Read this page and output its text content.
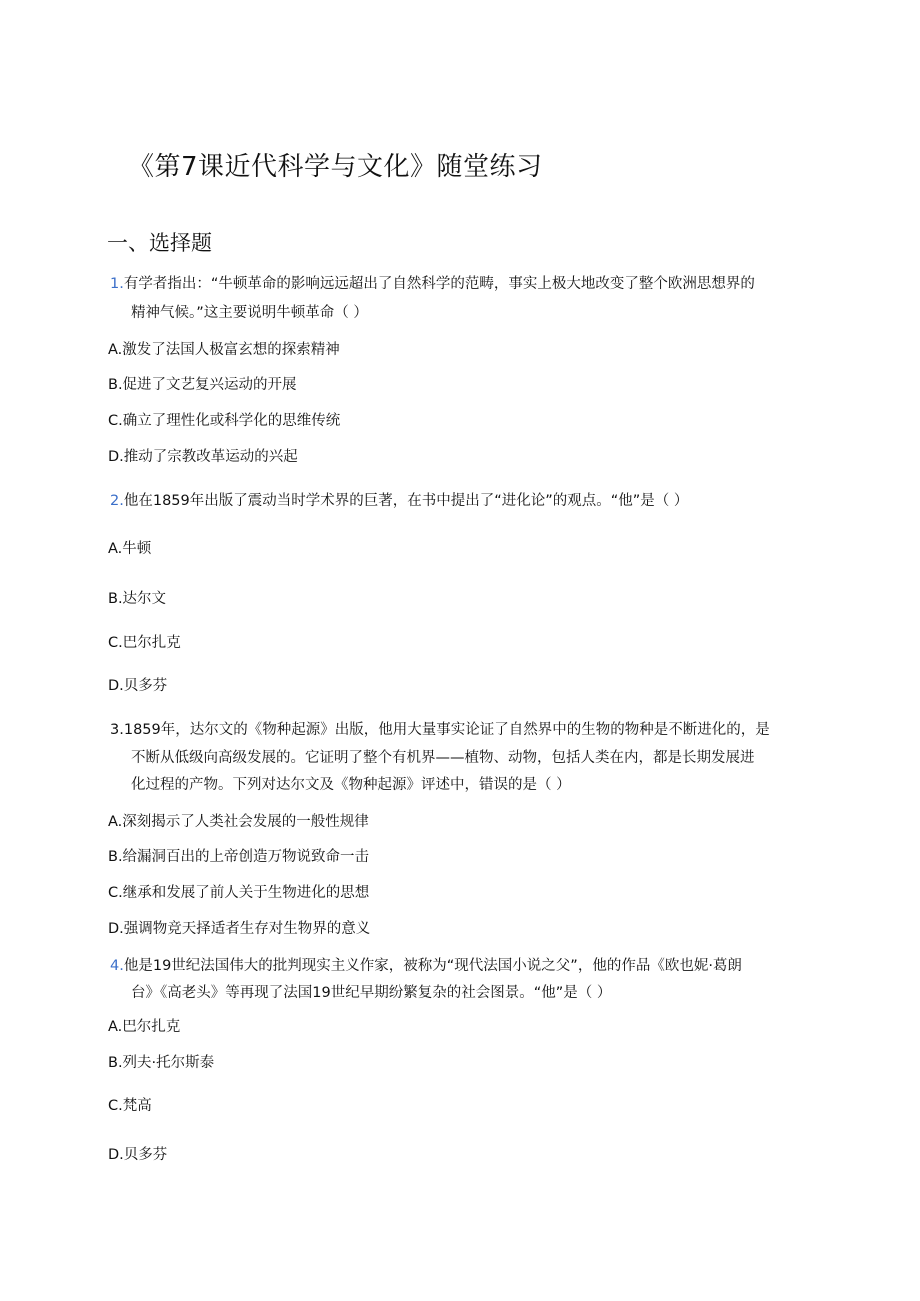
《第7课近代科学与文化》随堂练习
一、选择题
1.有学者指出：“牛顿革命的影响远远超出了自然科学的范畴，事实上极大地改变了整个欧洲思想界的
精神气候。”这主要说明牛顿革命（ ）
A.激发了法国人极富玄想的探索精神
B.促进了文艺复兴运动的开展
C.确立了理性化或科学化的思维传统
D.推动了宗教改革运动的兴起
2.他在1859年出版了震动当时学术界的巨著，在书中提出了“进化论”的观点。“他”是（ ）
A.牛顿
B.达尔文
C.巴尔扎克
D.贝多芬
3.1859年，达尔文的《物种起源》出版，他用大量事实论证了自然界中的生物的物种是不断进化的，是
不断从低级向高级发展的。它证明了整个有机界——植物、动物，包括人类在内，都是长期发展进
化过程的产物。下列对达尔文及《物种起源》评述中，错误的是（ ）
A.深刻揭示了人类社会发展的一般性规律
B.给漏洞百出的上帝创造万物说致命一击
C.继承和发展了前人关于生物进化的思想
D.强调物竞天择适者生存对生物界的意义
4.他是19世纪法国伟大的批判现实主义作家，被称为“现代法国小说之父”，他的作品《欧也妮·葛朗
台》《高老头》等再现了法国19世纪早期纷繁复杂的社会图景。“他”是（ ）
A.巴尔扎克
B.列夫·托尔斯泰
C.梵高
D.贝多芬
